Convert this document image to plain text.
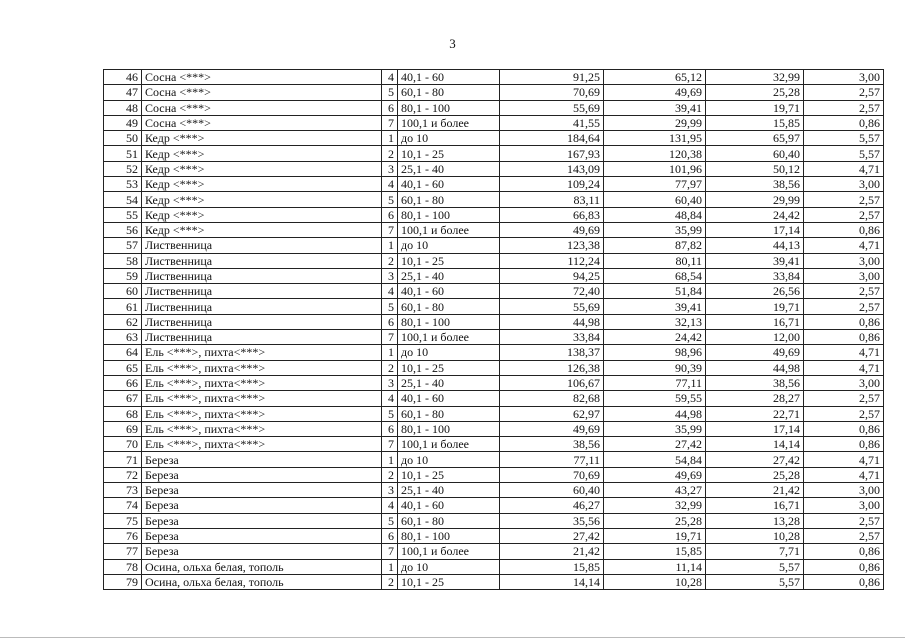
3
46	Сосна <***>	4	40,1 - 60	91,25	65,12	32,99	3,00
47	Сосна <***>	5	60,1 - 80	70,69	49,69	25,28	2,57
48	Сосна <***>	6	80,1 - 100	55,69	39,41	19,71	2,57
49	Сосна <***>	7	100,1 и более	41,55	29,99	15,85	0,86
50	Кедр <***>	1	до 10	184,64	131,95	65,97	5,57
51	Кедр <***>	2	10,1 - 25	167,93	120,38	60,40	5,57
52	Кедр <***>	3	25,1 - 40	143,09	101,96	50,12	4,71
53	Кедр <***>	4	40,1 - 60	109,24	77,97	38,56	3,00
54	Кедр <***>	5	60,1 - 80	83,11	60,40	29,99	2,57
55	Кедр <***>	6	80,1 - 100	66,83	48,84	24,42	2,57
56	Кедр <***>	7	100,1 и более	49,69	35,99	17,14	0,86
57	Лиственница	1	до 10	123,38	87,82	44,13	4,71
58	Лиственница	2	10,1 - 25	112,24	80,11	39,41	3,00
59	Лиственница	3	25,1 - 40	94,25	68,54	33,84	3,00
60	Лиственница	4	40,1 - 60	72,40	51,84	26,56	2,57
61	Лиственница	5	60,1 - 80	55,69	39,41	19,71	2,57
62	Лиственница	6	80,1 - 100	44,98	32,13	16,71	0,86
63	Лиственница	7	100,1 и более	33,84	24,42	12,00	0,86
64	Ель <***>, пихта<***>	1	до 10	138,37	98,96	49,69	4,71
65	Ель <***>, пихта<***>	2	10,1 - 25	126,38	90,39	44,98	4,71
66	Ель <***>, пихта<***>	3	25,1 - 40	106,67	77,11	38,56	3,00
67	Ель <***>, пихта<***>	4	40,1 - 60	82,68	59,55	28,27	2,57
68	Ель <***>, пихта<***>	5	60,1 - 80	62,97	44,98	22,71	2,57
69	Ель <***>, пихта<***>	6	80,1 - 100	49,69	35,99	17,14	0,86
70	Ель <***>, пихта<***>	7	100,1 и более	38,56	27,42	14,14	0,86
71	Береза	1	до 10	77,11	54,84	27,42	4,71
72	Береза	2	10,1 - 25	70,69	49,69	25,28	4,71
73	Береза	3	25,1 - 40	60,40	43,27	21,42	3,00
74	Береза	4	40,1 - 60	46,27	32,99	16,71	3,00
75	Береза	5	60,1 - 80	35,56	25,28	13,28	2,57
76	Береза	6	80,1 - 100	27,42	19,71	10,28	2,57
77	Береза	7	100,1 и более	21,42	15,85	7,71	0,86
78	Осина, ольха белая, тополь	1	до 10	15,85	11,14	5,57	0,86
79	Осина, ольха белая, тополь	2	10,1 - 25	14,14	10,28	5,57	0,86
